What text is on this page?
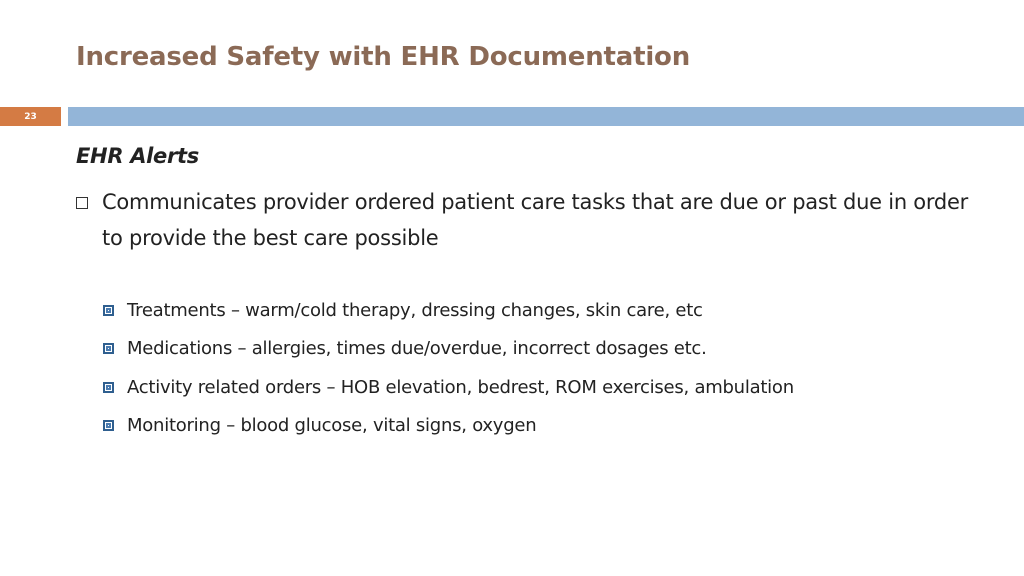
Increased Safety with EHR Documentation
23
EHR Alerts
Communicates provider ordered patient care tasks that are due or past due in order to provide the best care possible
Treatments – warm/cold therapy, dressing changes, skin care, etc
Medications – allergies, times due/overdue, incorrect dosages etc.
Activity related orders – HOB elevation, bedrest, ROM exercises, ambulation
Monitoring – blood glucose, vital signs, oxygen
